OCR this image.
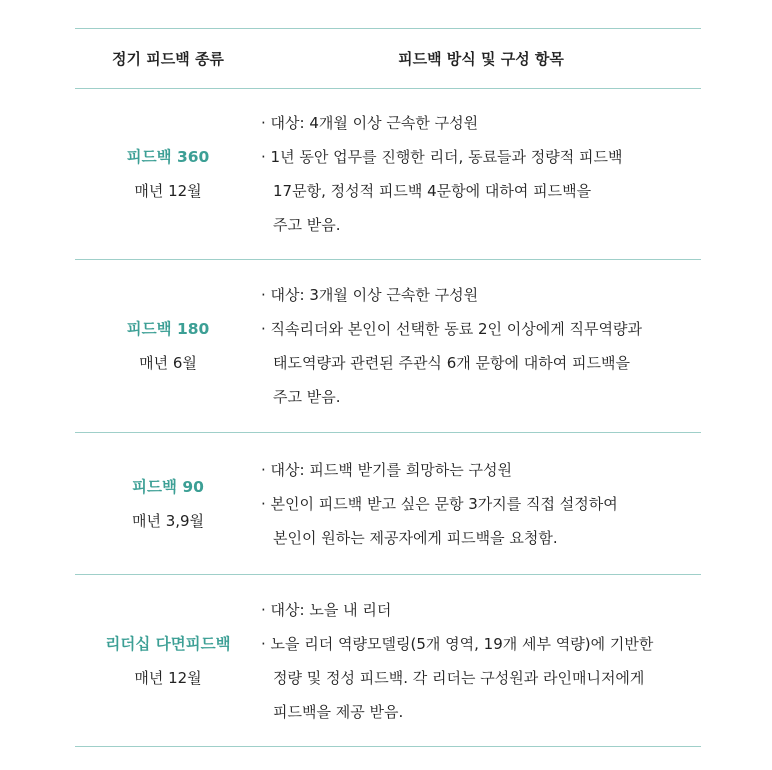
정기 피드백 종류	피드백 방식 및 구성 항목
피드백 360
매년 12월
· 대상: 4개월 이상 근속한 구성원
· 1년 동안 업무를 진행한 리더, 동료들과 정량적 피드백
17문항, 정성적 피드백 4문항에 대하여 피드백을
주고 받음.
피드백 180
매년 6월
· 대상: 3개월 이상 근속한 구성원
· 직속리더와 본인이 선택한 동료 2인 이상에게 직무역량과
태도역량과 관련된 주관식 6개 문항에 대하여 피드백을
주고 받음.
피드백 90
매년 3,9월
· 대상: 피드백 받기를 희망하는 구성원
· 본인이 피드백 받고 싶은 문항 3가지를 직접 설정하여
본인이 원하는 제공자에게 피드백을 요청함.
리더십 다면피드백
매년 12월
· 대상: 노을 내 리더
· 노을 리더 역량모델링(5개 영역, 19개 세부 역량)에 기반한
정량 및 정성 피드백. 각 리더는 구성원과 라인매니저에게
피드백을 제공 받음.
